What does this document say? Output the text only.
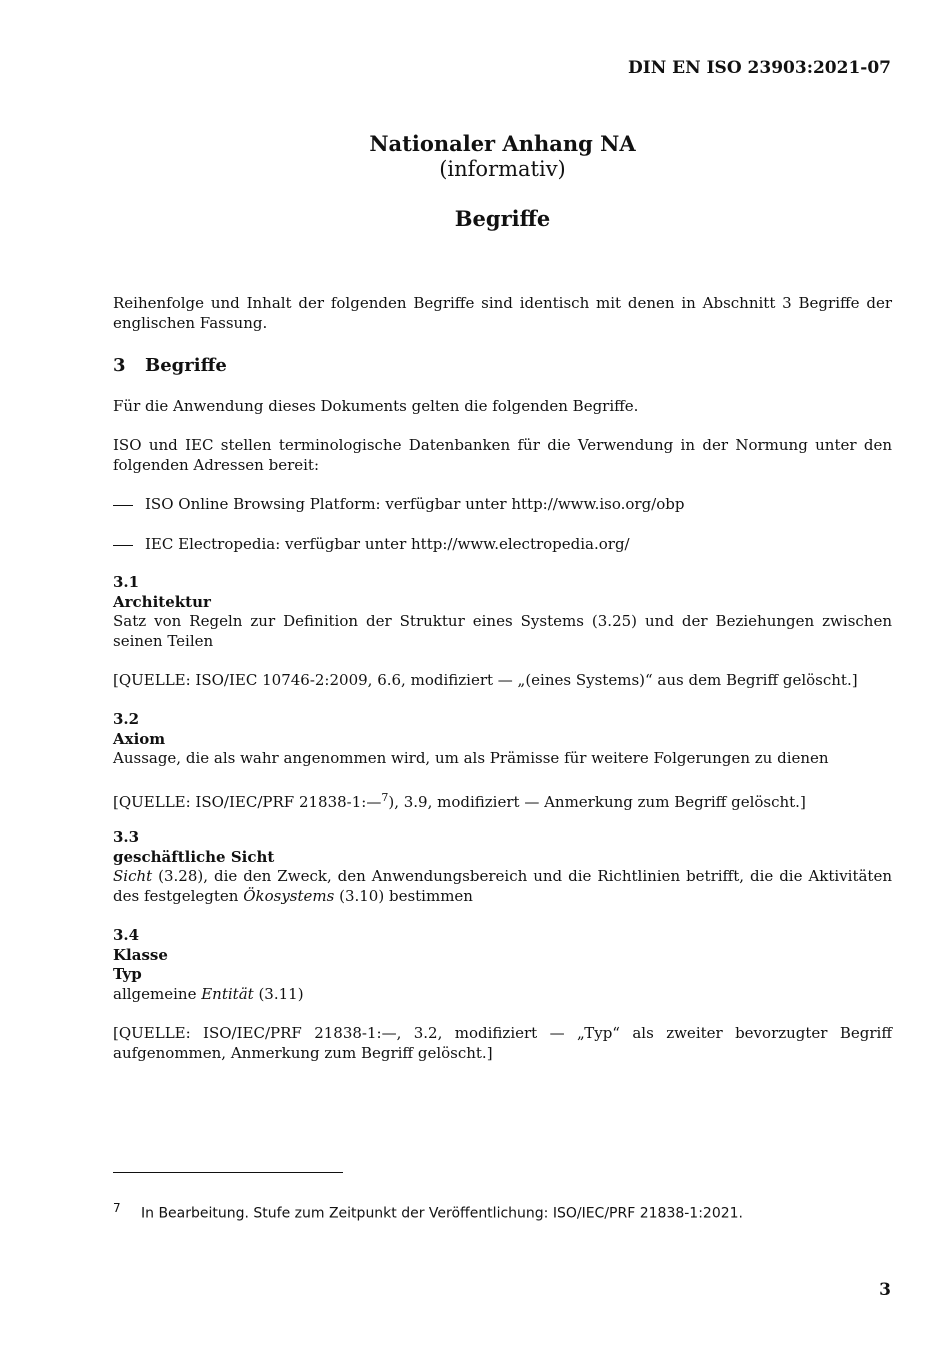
DIN EN ISO 23903:2021-07
Nationaler Anhang NA
(informativ)
Begriffe
Reihenfolge und Inhalt der folgenden Begriffe sind identisch mit denen in Abschnitt 3 Begriffe der englischen Fassung.
3 Begriffe
Für die Anwendung dieses Dokuments gelten die folgenden Begriffe.
ISO und IEC stellen terminologische Datenbanken für die Verwendung in der Normung unter den folgenden Adressen bereit:
ISO Online Browsing Platform: verfügbar unter http://www.iso.org/obp
IEC Electropedia: verfügbar unter http://www.electropedia.org/
3.1
Architektur
Satz von Regeln zur Definition der Struktur eines Systems (3.25) und der Beziehungen zwischen seinen Teilen
[QUELLE: ISO/IEC 10746-2:2009, 6.6, modifiziert — „(eines Systems)“ aus dem Begriff gelöscht.]
3.2
Axiom
Aussage, die als wahr angenommen wird, um als Prämisse für weitere Folgerungen zu dienen
[QUELLE: ISO/IEC/PRF 21838-1:—$^7$), 3.9, modifiziert — Anmerkung zum Begriff gelöscht.]
3.3
geschäftliche Sicht
Sicht (3.28), die den Zweck, den Anwendungsbereich und die Richtlinien betrifft, die die Aktivitäten des festgelegten Ökosystems (3.10) bestimmen
3.4
Klasse
Typ
allgemeine Entität (3.11)
[QUELLE: ISO/IEC/PRF 21838-1:—, 3.2, modifiziert — „Typ“ als zweiter bevorzugter Begriff aufgenommen, Anmerkung zum Begriff gelöscht.]
7 In Bearbeitung. Stufe zum Zeitpunkt der Veröffentlichung: ISO/IEC/PRF 21838-1:2021.
3
